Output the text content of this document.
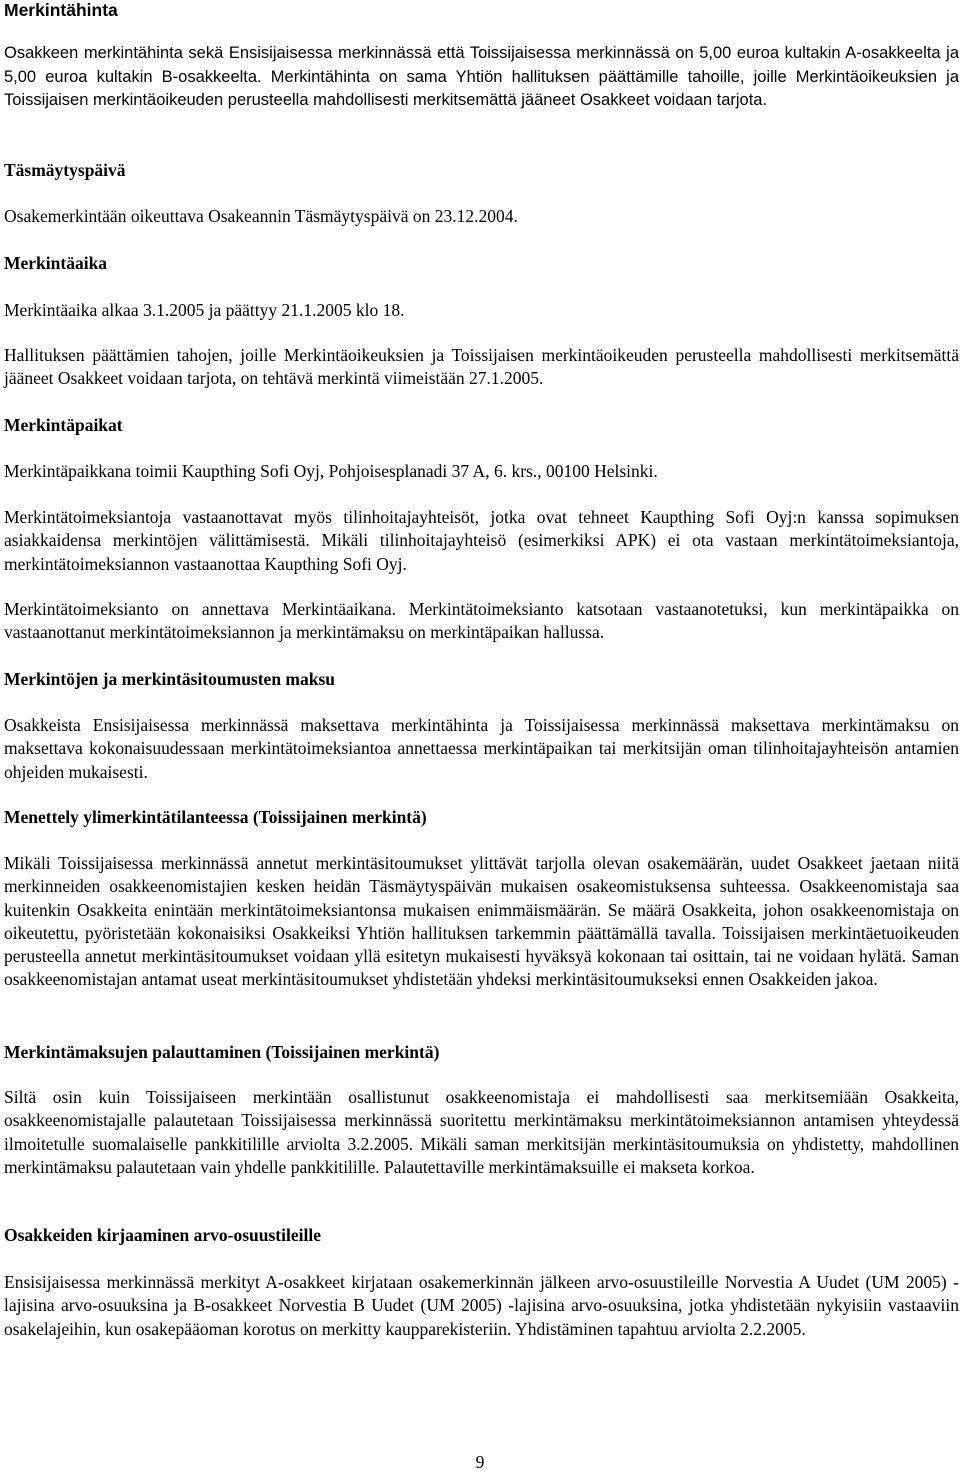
Merkintähinta

Osakkeen merkintähinta sekä Ensisijaisessa merkinnässä että Toissijaisessa merkinnässä on 5,00 euroa kultakin A-osakkeelta ja 5,00 euroa kultakin B-osakkeelta. Merkintähinta on sama Yhtiön hallituksen päättämille tahoille, joille Merkintäoikeuksien ja Toissijaisen merkintäoikeuden perusteella mahdollisesti merkitsemättä jääneet Osakkeet voidaan tarjota.

Täsmäytyspäivä

Osakemerkintään oikeuttava Osakeannin Täsmäytyspäivä on 23.12.2004.

Merkintäaika

Merkintäaika alkaa 3.1.2005 ja päättyy 21.1.2005 klo 18.

Hallituksen päättämien tahojen, joille Merkintäoikeuksien ja Toissijaisen merkintäoikeuden perusteella mahdollisesti merkitsemättä jääneet Osakkeet voidaan tarjota, on tehtävä merkintä viimeistään 27.1.2005.

Merkintäpaikat

Merkintäpaikkana toimii Kaupthing Sofi Oyj, Pohjoisesplanadi 37 A, 6. krs., 00100 Helsinki.

Merkintätoimeksiantoja vastaanottavat myös tilinhoitajayhteisöt, jotka ovat tehneet Kaupthing Sofi Oyj:n kanssa sopimuksen asiakkaidensa merkintöjen välittämisestä. Mikäli tilinhoitajayhteisö (esimerkiksi APK) ei ota vastaan merkintätoimeksiantoja, merkintätoimeksiannon vastaanottaa Kaupthing Sofi Oyj.

Merkintätoimeksianto on annettava Merkintäaikana. Merkintätoimeksianto katsotaan vastaanotetuksi, kun merkintäpaikka on vastaanottanut merkintätoimeksiannon ja merkintämaksu on merkintäpaikan hallussa.

Merkintöjen ja merkintäsitoumusten maksu

Osakkeista Ensisijaisessa merkinnässä maksettava merkintähinta ja Toissijaisessa merkinnässä maksettava merkintämaksu on maksettava kokonaisuudessaan merkintätoimeksiantoa annettaessa merkintäpaikan tai merkitsijän oman tilinhoitajayhteisön antamien ohjeiden mukaisesti.

Menettely ylimerkintätilanteessa (Toissijainen merkintä)

Mikäli Toissijaisessa merkinnässä annetut merkintäsitoumukset ylittävät tarjolla olevan osakemäärän, uudet Osakkeet jaetaan niitä merkinneiden osakkeenomistajien kesken heidän Täsmäytyspäivän mukaisen osakeomistuksensa suhteessa. Osakkeenomistaja saa kuitenkin Osakkeita enintään merkintätoimeksiantonsa mukaisen enimmäismäärän. Se määrä Osakkeita, johon osakkeenomistaja on oikeutettu, pyöristetään kokonaisiksi Osakkeiksi Yhtiön hallituksen tarkemmin päättämällä tavalla. Toissijaisen merkintäetuoikeuden perusteella annetut merkintäsitoumukset voidaan yllä esitetyn mukaisesti hyväksyä kokonaan tai osittain, tai ne voidaan hylätä. Saman osakkeenomistajan antamat useat merkintäsitoumukset yhdistetään yhdeksi merkintäsitoumukseksi ennen Osakkeiden jakoa.

Merkintämaksujen palauttaminen (Toissijainen merkintä)

Siltä osin kuin Toissijaiseen merkintään osallistunut osakkeenomistaja ei mahdollisesti saa merkitsemiään Osakkeita, osakkeenomistajalle palautetaan Toissijaisessa merkinnässä suoritettu merkintämaksu merkintätoimeksiannon antamisen yhteydessä ilmoitetulle suomalaiselle pankkitilille arviolta 3.2.2005. Mikäli saman merkitsijän merkintäsitoumuksia on yhdistetty, mahdollinen merkintämaksu palautetaan vain yhdelle pankkitilille. Palautettaville merkintämaksuille ei makseta korkoa.

Osakkeiden kirjaaminen arvo-osuustileille

Ensisijaisessa merkinnässä merkityt A-osakkeet kirjataan osakemerkinnän jälkeen arvo-osuustileille Norvestia A Uudet (UM 2005) -lajisina arvo-osuuksina ja B-osakkeet Norvestia B Uudet (UM 2005) -lajisina arvo-osuuksina, jotka yhdistetään nykyisiin vastaaviin osakelajeihin, kun osakepääoman korotus on merkitty kaupparekisteriin. Yhdistäminen tapahtuu arviolta 2.2.2005.

9
